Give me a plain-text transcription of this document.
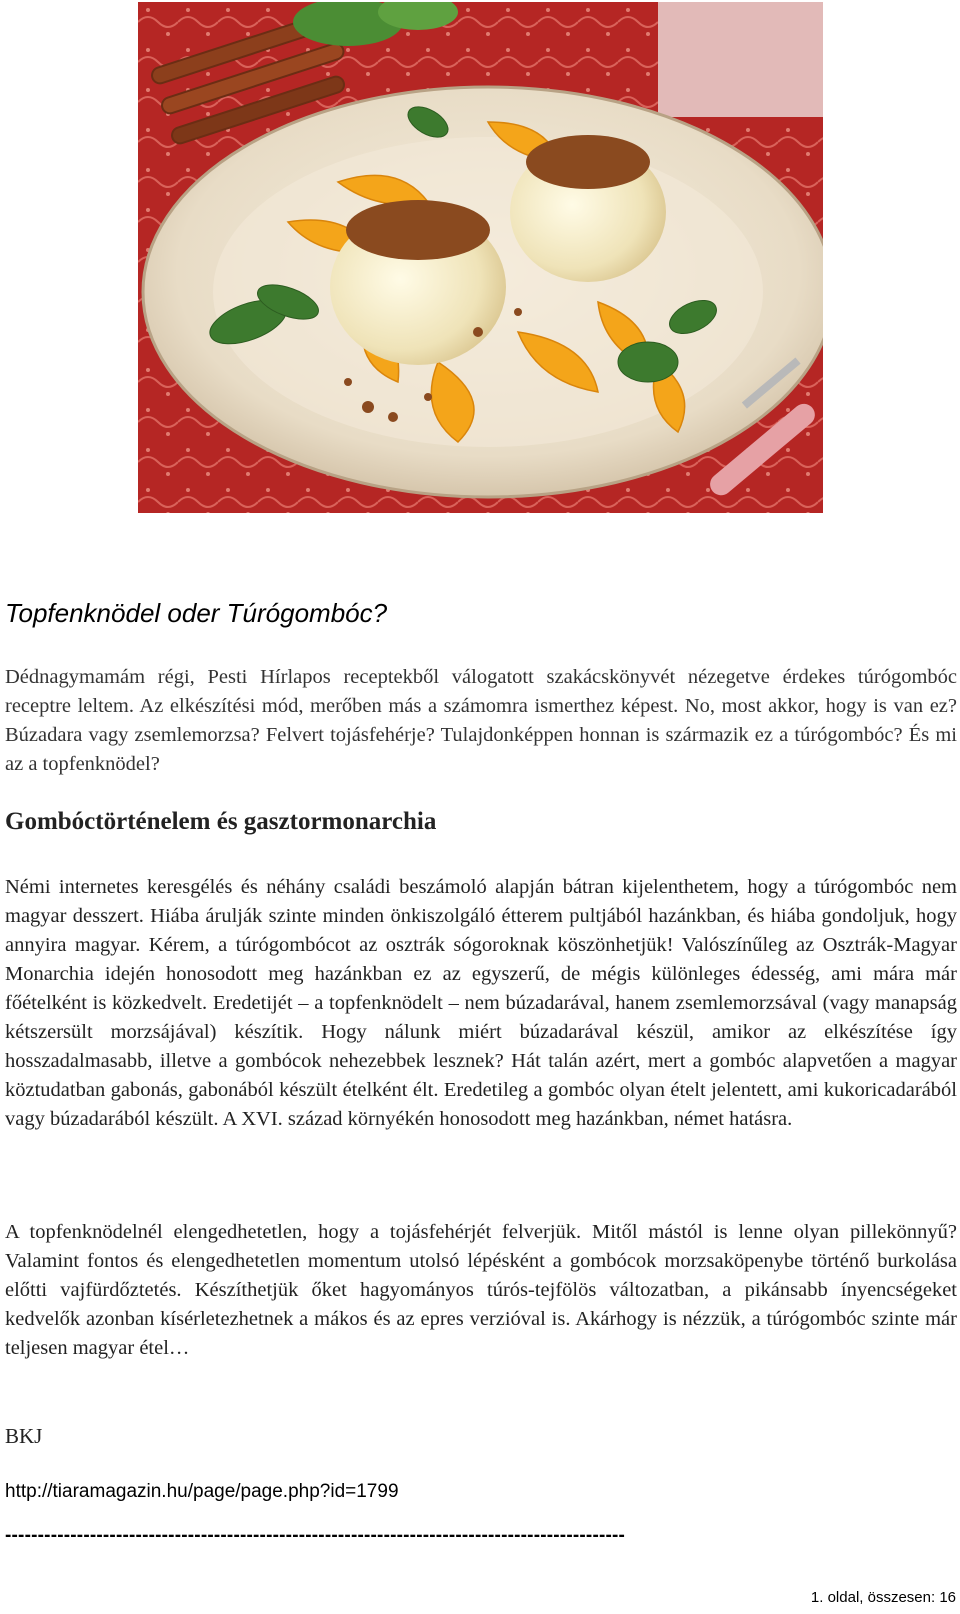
Topfenknödel oder Túrógombóc?

Dédnagymamám régi, Pesti Hírlapos receptekből válogatott szakácskönyvét nézegetve érdekes túrógombóc receptre leltem. Az elkészítési mód, merőben más a számomra ismerthez képest. No, most akkor, hogy is van ez? Búzadara vagy zsemlemorzsa? Felvert tojásfehérje? Tulajdonképpen honnan is származik ez a túrógombóc? És mi az a topfenknödel?

Gombóctörténelem és gasztormonarchia

Némi internetes keresgélés és néhány családi beszámoló alapján bátran kijelenthetem, hogy a túrógombóc nem magyar desszert. Hiába árulják szinte minden önkiszolgáló étterem pultjából hazánkban, és hiába gondoljuk, hogy annyira magyar. Kérem, a túrógombócot az osztrák sógoroknak köszönhetjük! Valószínűleg az Osztrák-Magyar Monarchia idején honosodott meg hazánkban ez az egyszerű, de mégis különleges édesség, ami mára már főételként is közkedvelt. Eredetijét – a topfenknödelt – nem búzadarával, hanem zsemlemorzsával (vagy manapság kétszersült morzsájával) készítik. Hogy nálunk miért búzadarával készül, amikor az elkészítése így hosszadalmasabb, illetve a gombócok nehezebbek lesznek? Hát talán azért, mert a gombóc alapvetően a magyar köztudatban gabonás, gabonából készült ételként élt. Eredetileg a gombóc olyan ételt jelentett, ami kukoricadarából vagy búzadarából készült. A XVI. század környékén honosodott meg hazánkban, német hatásra.

A topfenknödelnél elengedhetetlen, hogy a tojásfehérjét felverjük. Mitől mástól is lenne olyan pillekönnyű? Valamint fontos és elengedhetetlen momentum utolsó lépésként a gombócok morzsaköpenybe történő burkolása előtti vajfürdőztetés. Készíthetjük őket hagyományos túrós-tejfölös változatban, a pikánsabb ínyencségeket kedvelők azonban kísérletezhetnek a mákos és az epres verzióval is. Akárhogy is nézzük, a túrógombóc szinte már teljesen magyar étel…

BKJ
http://tiaramagazin.hu/page/page.php?id=1799
-----------------------------------------------------------------------------------------------
1. oldal, összesen: 16
